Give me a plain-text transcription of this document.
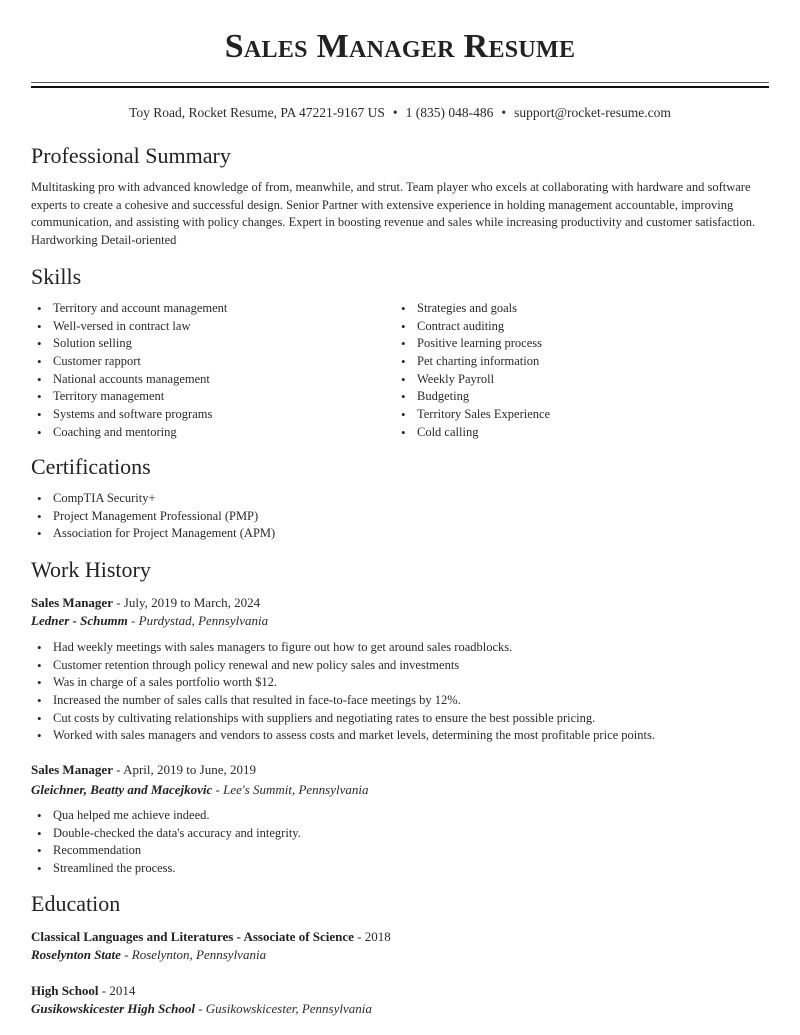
Sales Manager Resume
Toy Road, Rocket Resume, PA 47221-9167 US • 1 (835) 048-486 • support@rocket-resume.com
Professional Summary

Multitasking pro with advanced knowledge of from, meanwhile, and strut. Team player who excels at collaborating with hardware and software experts to create a cohesive and successful design. Senior Partner with extensive experience in holding management accountable, improving communication, and assisting with policy changes. Expert in boosting revenue and sales while increasing productivity and customer satisfaction. Hardworking Detail-oriented

Skills
• Territory and account management
• Well-versed in contract law
• Solution selling
• Customer rapport
• National accounts management
• Territory management
• Systems and software programs
• Coaching and mentoring
• Strategies and goals
• Contract auditing
• Positive learning process
• Pet charting information
• Weekly Payroll
• Budgeting
• Territory Sales Experience
• Cold calling
Certifications
• CompTIA Security+
• Project Management Professional (PMP)
• Association for Project Management (APM)
Work History
Sales Manager - July, 2019 to March, 2024
Ledner - Schumm - Purdystad, Pennsylvania
• Had weekly meetings with sales managers to figure out how to get around sales roadblocks.
• Customer retention through policy renewal and new policy sales and investments
• Was in charge of a sales portfolio worth $12.
• Increased the number of sales calls that resulted in face-to-face meetings by 12%.
• Cut costs by cultivating relationships with suppliers and negotiating rates to ensure the best possible pricing.
• Worked with sales managers and vendors to assess costs and market levels, determining the most profitable price points.
Sales Manager - April, 2019 to June, 2019
Gleichner, Beatty and Macejkovic - Lee's Summit, Pennsylvania
• Qua helped me achieve indeed.
• Double-checked the data's accuracy and integrity.
• Recommendation
• Streamlined the process.
Education
Classical Languages and Literatures - Associate of Science - 2018
Roselynton State - Roselynton, Pennsylvania
High School - 2014
Gusikowskicester High School - Gusikowskicester, Pennsylvania
